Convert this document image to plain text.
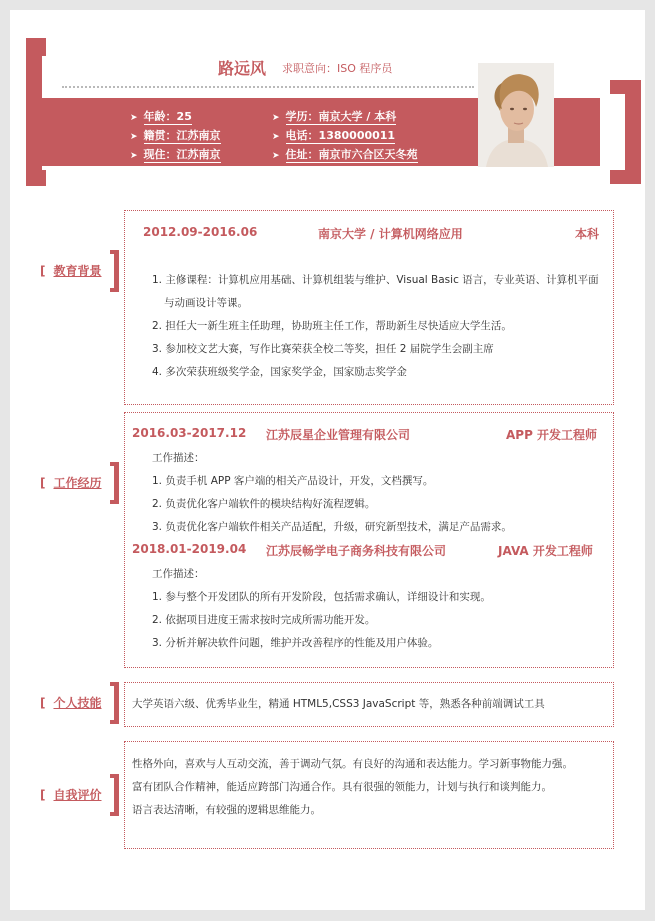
路远风 求职意向：ISO 程序员
➤ 年龄：25
➤ 籍贯：江苏南京
➤ 现住：江苏南京
➤ 学历：南京大学 / 本科
➤ 电话：1380000011
➤ 住址：南京市六合区天冬苑
[ 教育背景
2012.09-2016.06	南京大学 / 计算机网络应用	本科
1. 主修课程：计算机应用基础、计算机组装与维护、Visual Basic 语言，专业英语、计算机平面
与动画设计等课。
2. 担任大一新生班主任助理，协助班主任工作，帮助新生尽快适应大学生活。
3. 参加校文艺大赛，写作比赛荣获全校二等奖，担任 2 届院学生会副主席
4. 多次荣获班级奖学金，国家奖学金，国家励志奖学金
[ 工作经历
2016.03-2017.12 江苏辰星企业管理有限公司	APP 开发工程师
工作描述：
1. 负责手机 APP 客户端的相关产品设计，开发，文档撰写。
2. 负责优化客户端软件的模块结构好流程逻辑。
3. 负责优化客户端软件相关产品适配，升级，研究新型技术，满足产品需求。
2018.01-2019.04 江苏辰畅学电子商务科技有限公司	JAVA 开发工程师
工作描述：
1. 参与整个开发团队的所有开发阶段，包括需求确认，详细设计和实现。
2. 依据项目进度王需求按时完成所需功能开发。
3. 分析并解决软件问题，维护并改善程序的性能及用户体验。
[ 个人技能	大学英语六级、优秀毕业生，精通 HTML5,CSS3 JavaScript 等，熟悉各种前端调试工具
[ 自我评价
性格外向，喜欢与人互动交流，善于调动气氛。有良好的沟通和表达能力。学习新事物能力强。
富有团队合作精神，能适应跨部门沟通合作。具有很强的领能力，计划与执行和谈判能力。
语言表达清晰，有较强的逻辑思维能力。
